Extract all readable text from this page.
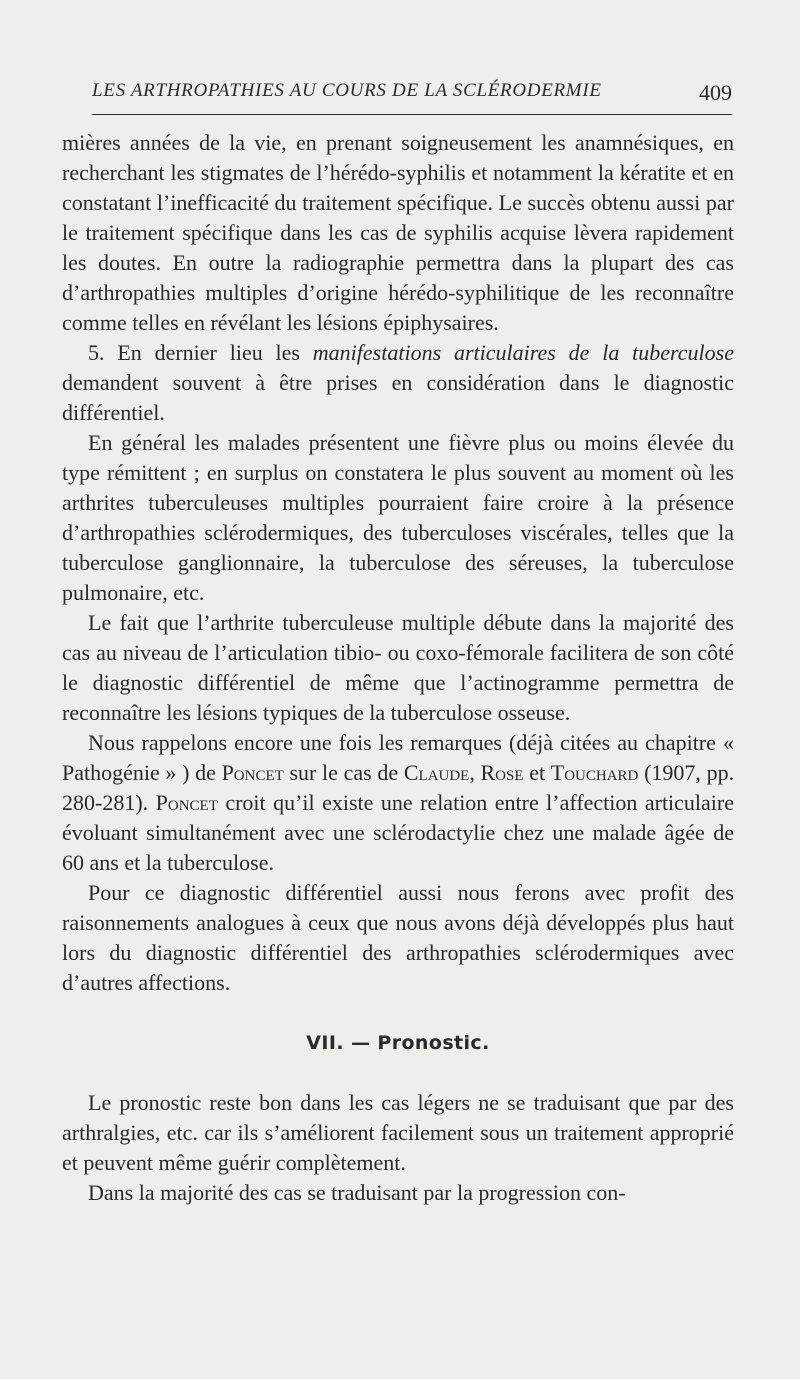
LES ARTHROPATHIES AU COURS DE LA SCLÉRODERMIE	409

mières années de la vie, en prenant soigneusement les anamnésiques, en recherchant les stigmates de l’hérédo-syphilis et notamment la kératite et en constatant l’inefficacité du traitement spécifique. Le succès obtenu aussi par le traitement spécifique dans les cas de syphilis acquise lèvera rapidement les doutes. En outre la radiographie permettra dans la plupart des cas d’arthropathies multiples d’origine hérédo-syphilitique de les reconnaître comme telles en révélant les lésions épiphysaires.

5. En dernier lieu les manifestations articulaires de la tuberculose demandent souvent à être prises en considération dans le diagnostic différentiel.

En général les malades présentent une fièvre plus ou moins élevée du type rémittent ; en surplus on constatera le plus souvent au moment où les arthrites tuberculeuses multiples pourraient faire croire à la présence d’arthropathies sclérodermiques, des tuberculoses viscérales, telles que la tuberculose ganglionnaire, la tuberculose des séreuses, la tuberculose pulmonaire, etc.

Le fait que l’arthrite tuberculeuse multiple débute dans la majorité des cas au niveau de l’articulation tibio- ou coxo-fémorale facilitera de son côté le diagnostic différentiel de même que l’actinogramme permettra de reconnaître les lésions typiques de la tuberculose osseuse.

Nous rappelons encore une fois les remarques (déjà citées au chapitre « Pathogénie » ) de Poncet sur le cas de Claude, Rose et Touchard (1907, pp. 280-281). Poncet croit qu’il existe une relation entre l’affection articulaire évoluant simultanément avec une sclérodactylie chez une malade âgée de 60 ans et la tuberculose.

Pour ce diagnostic différentiel aussi nous ferons avec profit des raisonnements analogues à ceux que nous avons déjà développés plus haut lors du diagnostic différentiel des arthropathies sclérodermiques avec d’autres affections.

VII. — Pronostic.

Le pronostic reste bon dans les cas légers ne se traduisant que par des arthralgies, etc. car ils s’améliorent facilement sous un traitement approprié et peuvent même guérir complètement.

Dans la majorité des cas se traduisant par la progression con-
